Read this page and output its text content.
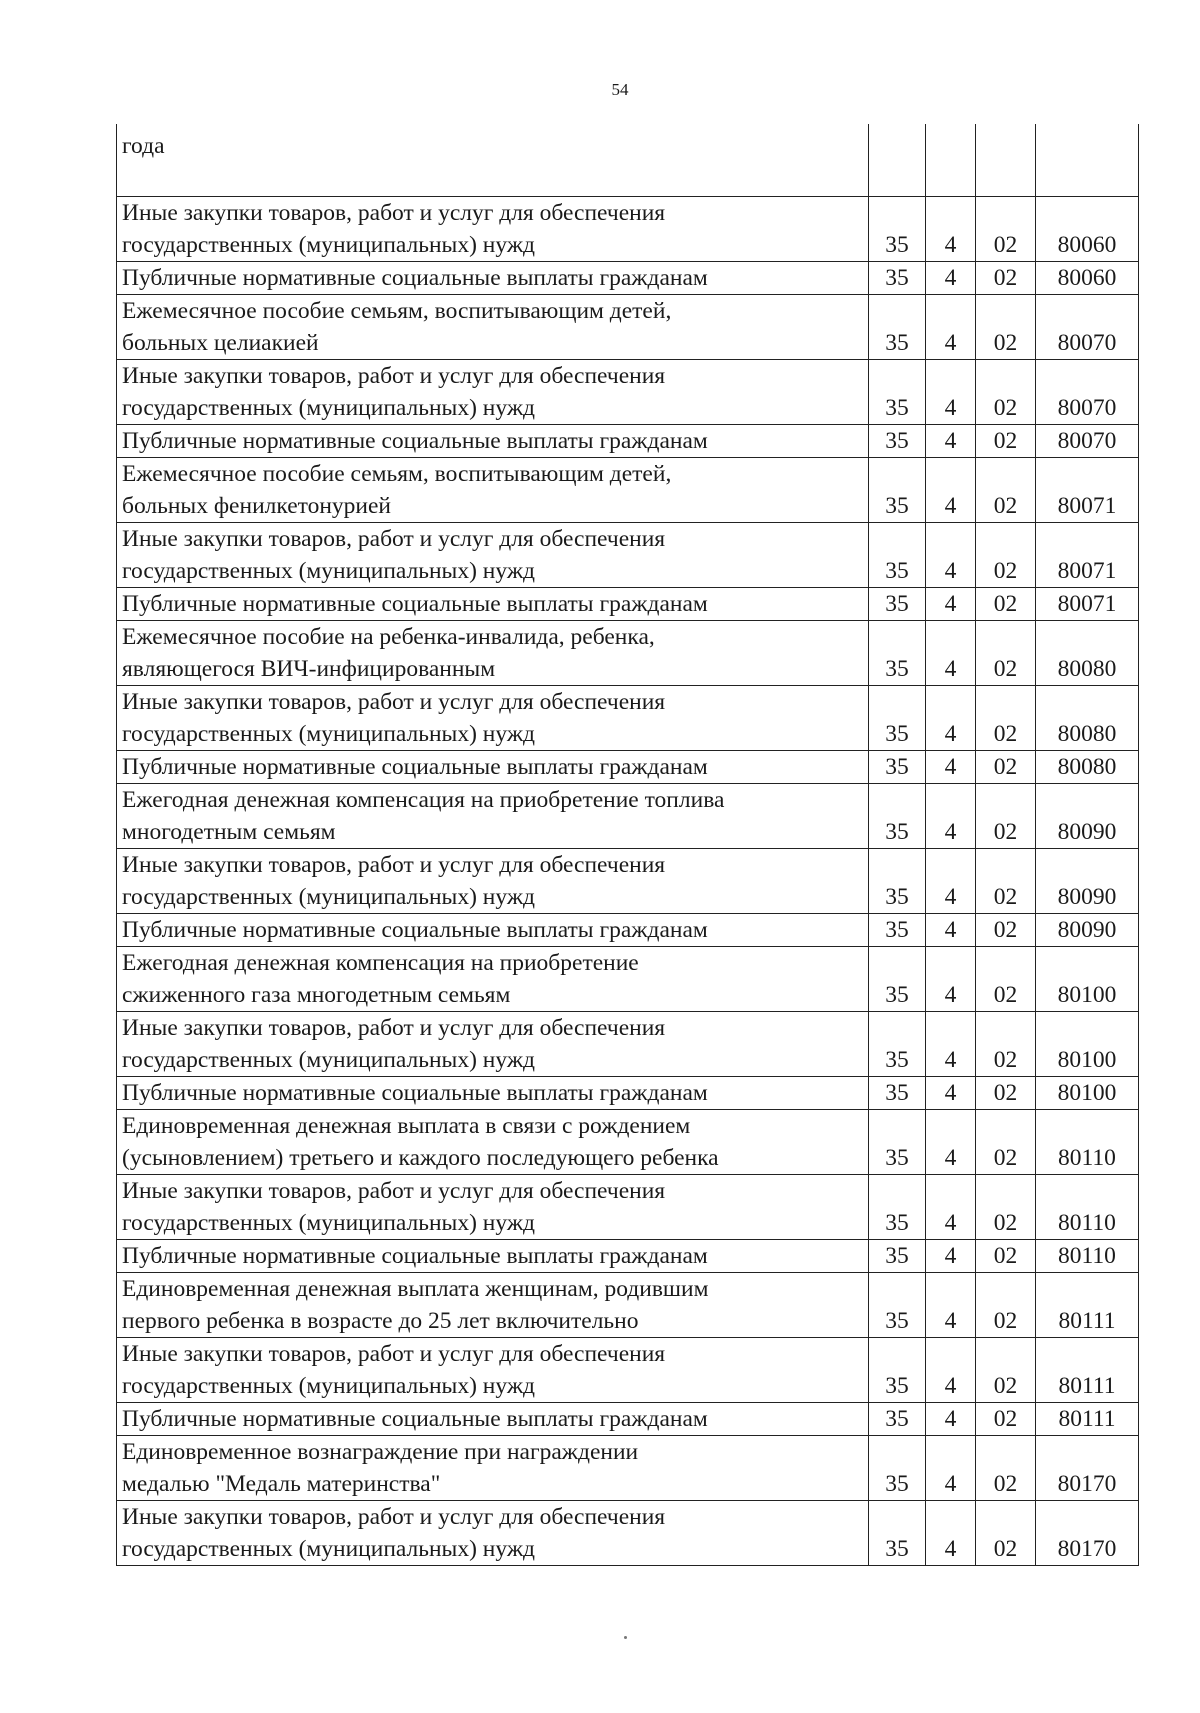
54
года				

Иные закупки товаров, работ и услуг для обеспечения
государственных (муниципальных) нужд	35	4	02	80060

Публичные нормативные социальные выплаты гражданам	35	4	02	80060

Ежемесячное пособие семьям, воспитывающим детей,
больных целиакией	35	4	02	80070

Иные закупки товаров, работ и услуг для обеспечения
государственных (муниципальных) нужд	35	4	02	80070

Публичные нормативные социальные выплаты гражданам	35	4	02	80070

Ежемесячное пособие семьям, воспитывающим детей,
больных фенилкетонурией	35	4	02	80071

Иные закупки товаров, работ и услуг для обеспечения
государственных (муниципальных) нужд	35	4	02	80071

Публичные нормативные социальные выплаты гражданам	35	4	02	80071

Ежемесячное пособие на ребенка-инвалида, ребенка,
являющегося ВИЧ-инфицированным	35	4	02	80080

Иные закупки товаров, работ и услуг для обеспечения
государственных (муниципальных) нужд	35	4	02	80080

Публичные нормативные социальные выплаты гражданам	35	4	02	80080

Ежегодная денежная компенсация на приобретение топлива
многодетным семьям	35	4	02	80090

Иные закупки товаров, работ и услуг для обеспечения
государственных (муниципальных) нужд	35	4	02	80090

Публичные нормативные социальные выплаты гражданам	35	4	02	80090

Ежегодная денежная компенсация на приобретение
сжиженного газа многодетным семьям	35	4	02	80100

Иные закупки товаров, работ и услуг для обеспечения
государственных (муниципальных) нужд	35	4	02	80100

Публичные нормативные социальные выплаты гражданам	35	4	02	80100

Единовременная денежная выплата в связи с рождением
(усыновлением) третьего и каждого последующего ребенка	35	4	02	80110

Иные закупки товаров, работ и услуг для обеспечения
государственных (муниципальных) нужд	35	4	02	80110

Публичные нормативные социальные выплаты гражданам	35	4	02	80110

Единовременная денежная выплата женщинам, родившим
первого ребенка в возрасте до 25 лет включительно	35	4	02	80111

Иные закупки товаров, работ и услуг для обеспечения
государственных (муниципальных) нужд	35	4	02	80111

Публичные нормативные социальные выплаты гражданам	35	4	02	80111

Единовременное вознаграждение при награждении
медалью "Медаль материнства"	35	4	02	80170

Иные закупки товаров, работ и услуг для обеспечения
государственных (муниципальных) нужд	35	4	02	80170
